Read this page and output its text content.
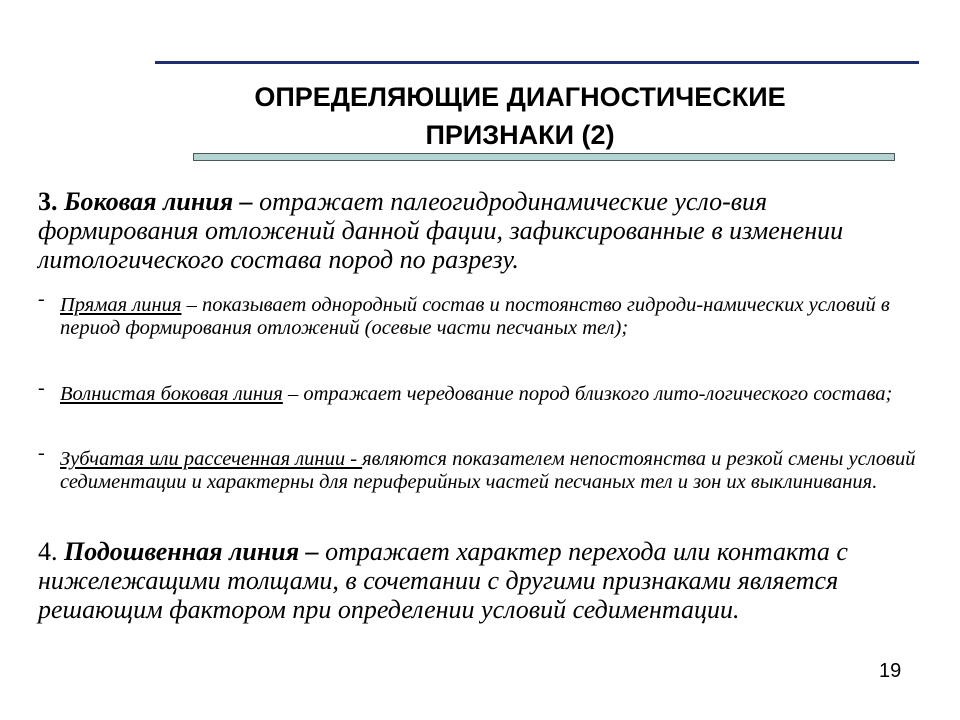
ОПРЕДЕЛЯЮЩИЕ ДИАГНОСТИЧЕСКИЕ
ПРИЗНАКИ (2)
3. Боковая линия – отражает палеогидродинамические усло-вия формирования отложений данной фации, зафиксированные в изменении литологического состава пород по разрезу.
- Прямая линия – показывает однородный состав и постоянство гидроди-намических условий в период формирования отложений (осевые части песчаных тел);
- Волнистая боковая линия – отражает чередование пород близкого лито-логического состава;
- Зубчатая или рассеченная линии - являются показателем непостоянства и резкой смены условий седиментации и характерны для периферийных частей песчаных тел и зон их выклинивания.
4. Подошвенная линия – отражает характер перехода или контакта с нижележащими толщами, в сочетании с другими признаками является решающим фактором при определении условий седиментации.
19
